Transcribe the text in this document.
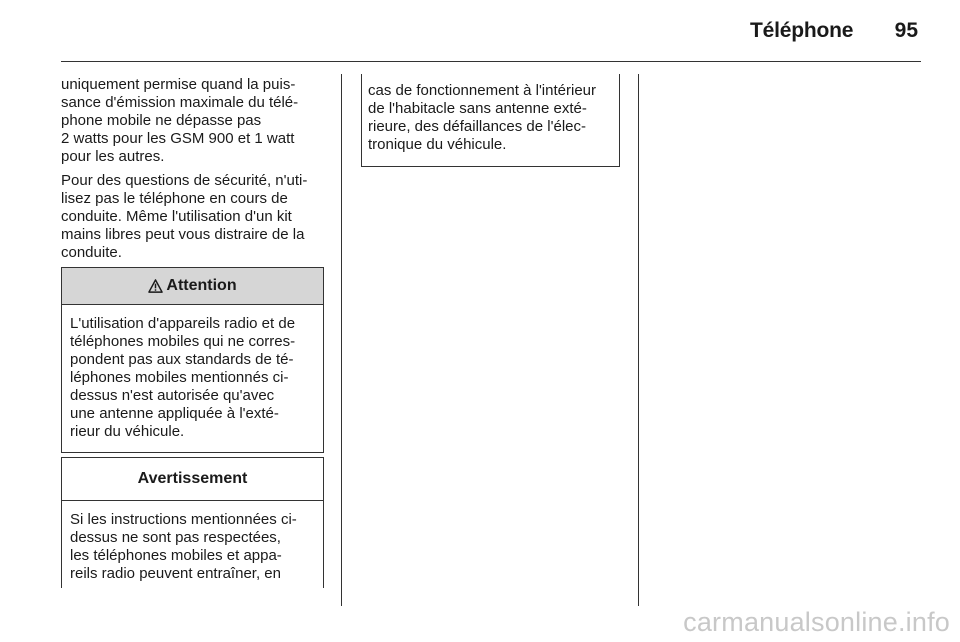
Téléphone 95

uniquement permise quand la puis-
sance d'émission maximale du télé-
phone mobile ne dépasse pas
2 watts pour les GSM 900 et 1 watt
pour les autres.

Pour des questions de sécurité, n'uti-
lisez pas le téléphone en cours de
conduite. Même l'utilisation d'un kit
mains libres peut vous distraire de la
conduite.

Attention
L'utilisation d'appareils radio et de
téléphones mobiles qui ne corres-
pondent pas aux standards de té-
léphones mobiles mentionnés ci-
dessus n'est autorisée qu'avec
une antenne appliquée à l'exté-
rieur du véhicule.
Avertissement
Si les instructions mentionnées ci-
dessus ne sont pas respectées,
les téléphones mobiles et appa-
reils radio peuvent entraîner, en
cas de fonctionnement à l'intérieur
de l'habitacle sans antenne exté-
rieure, des défaillances de l'élec-
tronique du véhicule.
carmanualsonline.info
